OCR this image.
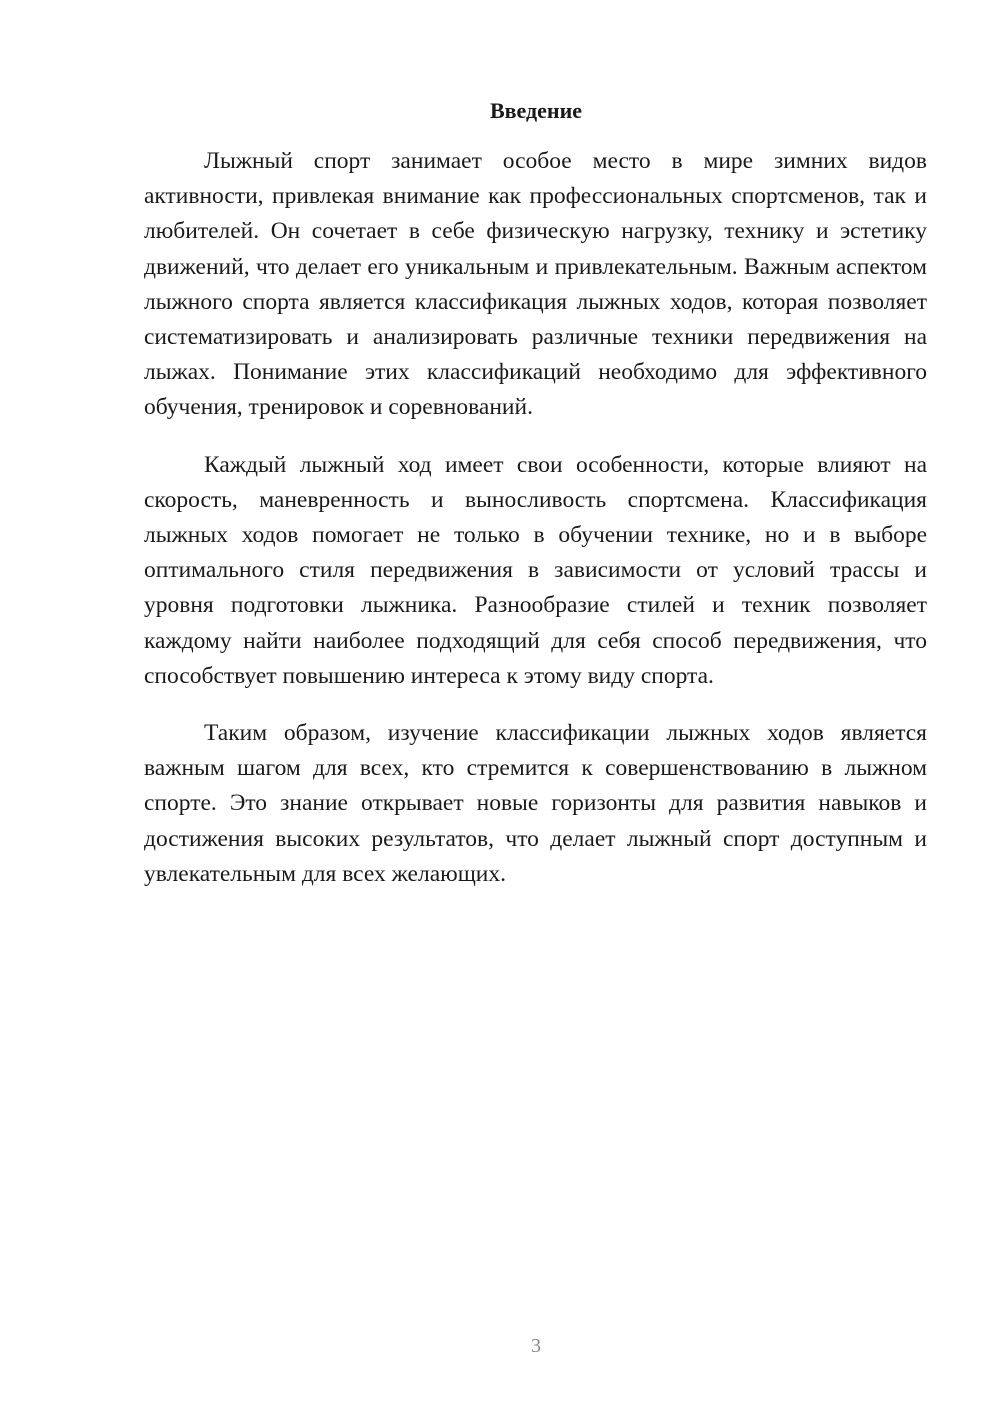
Введение

Лыжный спорт занимает особое место в мире зимних видов активности, привлекая внимание как профессиональных спортсменов, так и любителей. Он сочетает в себе физическую нагрузку, технику и эстетику движений, что делает его уникальным и привлекательным. Важным аспектом лыжного спорта является классификация лыжных ходов, которая позволяет систематизировать и анализировать различные техники передвижения на лыжах. Понимание этих классификаций необходимо для эффективного обучения, тренировок и соревнований.

Каждый лыжный ход имеет свои особенности, которые влияют на скорость, маневренность и выносливость спортсмена. Классификация лыжных ходов помогает не только в обучении технике, но и в выборе оптимального стиля передвижения в зависимости от условий трассы и уровня подготовки лыжника. Разнообразие стилей и техник позволяет каждому найти наиболее подходящий для себя способ передвижения, что способствует повышению интереса к этому виду спорта.

Таким образом, изучение классификации лыжных ходов является важным шагом для всех, кто стремится к совершенствованию в лыжном спорте. Это знание открывает новые горизонты для развития навыков и достижения высоких результатов, что делает лыжный спорт доступным и увлекательным для всех желающих.

3
